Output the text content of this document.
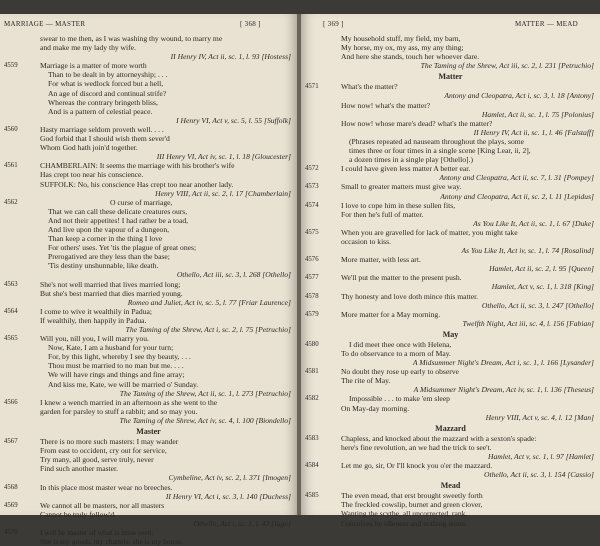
MARRIAGE — MASTER	[ 368 ]
swear to me then, as I was washing thy wound, to marry me
and make me my lady thy wife.
II Henry IV, Act ii, sc. 1, l. 93 [Hostess]
4559	Marriage is a matter of more worth
Than to be dealt in by attorneyship; . . .
For what is wedlock forced but a hell,
An age of discord and continual strife?
Whereas the contrary bringeth bliss,
And is a pattern of celestial peace.
I Henry VI, Act v, sc. 5, l. 55 [Suffolk]
4560	Hasty marriage seldom proveth well. . . .
God forbid that I should wish them sever'd
Whom God hath join'd together.
III Henry VI, Act iv, sc. 1, l. 18 [Gloucester]
4561	CHAMBERLAIN: It seems the marriage with his brother's wife
Has crept too near his conscience.
SUFFOLK: No, his conscience Has crept too near another lady.
Henry VIII, Act ii, sc. 2, l. 17 [Chamberlain]
4562	O curse of marriage,
That we can call these delicate creatures ours,
And not their appetites! I had rather be a toad,
And live upon the vapour of a dungeon,
Than keep a corner in the thing I love
For others' uses. Yet 'tis the plague of great ones;
Prerogatived are they less than the base;
'Tis destiny unshunnable, like death.
Othello, Act iii, sc. 3, l. 268 [Othello]
4563	She's not well married that lives married long;
But she's best married that dies married young.
Romeo and Juliet, Act iv, sc. 5, l. 77 [Friar Laurence]
4564	I come to wive it wealthily in Padua;
If wealthily, then happily in Padua.
The Taming of the Shrew, Act i, sc. 2, l. 75 [Petruchio]
4565	Will you, nill you, I will marry you.
Now, Kate, I am a husband for your turn;
For, by this light, whereby I see thy beauty, . . .
Thou must be married to no man but me. . . .
We will have rings and things and fine array;
And kiss me, Kate, we will be married o' Sunday.
The Taming of the Shrew, Act ii, sc. 1, l. 273 [Petruchio]
4566	I knew a wench married in an afternoon as she went to the
garden for parsley to stuff a rabbit; and so may you.
The Taming of the Shrew, Act iv, sc. 4, l. 100 [Biondello]
Master
4567	There is no more such masters: I may wander
From east to occident, cry out for service,
Try many, all good, serve truly, never
Find such another master.
Cymbeline, Act iv, sc. 2, l. 371 [Imogen]
4568	In this place most master wear no breeches.
II Henry VI, Act i, sc. 3, l. 140 [Duchess]
4569	We cannot all be masters, nor all masters
Cannot be truly follow'd.
Othello, Act i, sc. 1, l. 43 [Iago]
4570	I will be master of what is mine own:
She is my goods, my chattels; she is my house,
[ 369 ]	MATTER — MEAD
My household stuff, my field, my barn,
My horse, my ox, my ass, my any thing;
And here she stands, touch her whoever dare.
The Taming of the Shrew, Act iii, sc. 2, l. 231 [Petruchio]
Matter
4571	What's the matter?
Antony and Cleopatra, Act i, sc. 3, l. 18 [Antony]
How now! what's the matter?
Hamlet, Act ii, sc. 1, l. 75 [Polonius]
How now! whose mare's dead? what's the matter?
II Henry IV, Act ii, sc. 1, l. 46 [Falstaff]
(Phrases repeated ad nauseam throughout the plays, some
times three or four times in a single scene [King Lear, ii, 2],
a dozen times in a single play [Othello].)
4572	I could have given less matter A better ear.
Antony and Cleopatra, Act ii, sc. 7, l. 31 [Pompey]
4573	Small to greater matters must give way.
Antony and Cleopatra, Act ii, sc. 2, l. 11 [Lepidus]
4574	I love to cope him in these sullen fits,
For then he's full of matter.
As You Like It, Act ii, sc. 1, l. 67 [Duke]
4575	When you are gravelled for lack of matter, you might take
occasion to kiss.
As You Like It, Act iv, sc. 1, l. 74 [Rosalind]
4576	More matter, with less art.
Hamlet, Act ii, sc. 2, l. 95 [Queen]
4577	We'll put the matter to the present push.
Hamlet, Act v, sc. 1, l. 318 [King]
4578	Thy honesty and love doth mince this matter.
Othello, Act ii, sc. 3, l. 247 [Othello]
4579	More matter for a May morning.
Twelfth Night, Act iii, sc. 4, l. 156 [Fabian]
May
4580	I did meet thee once with Helena,
To do observance to a morn of May.
A Midsummer Night's Dream, Act i, sc. 1, l. 166 [Lysander]
4581	No doubt they rose up early to observe
The rite of May.
A Midsummer Night's Dream, Act iv, sc. 1, l. 136 [Theseus]
4582	Impossible . . . to make 'em sleep
On May-day morning.
Henry VIII, Act v, sc. 4, l. 12 [Man]
Mazzard
4583	Chapless, and knocked about the mazzard with a sexton's spade:
here's fine revolution, an we had the trick to see't.
Hamlet, Act v, sc. 1, l. 97 [Hamlet]
4584	Let me go, sir, Or I'll knock you o'er the mazzard.
Othello, Act ii, sc. 3, l. 154 [Cassio]
Mead
4585	The even mead, that erst brought sweetly forth
The freckled cowslip, burnet and green clover,
Wanting the scythe, all uncorrected, rank,
Conceives by idleness and nothing teems
